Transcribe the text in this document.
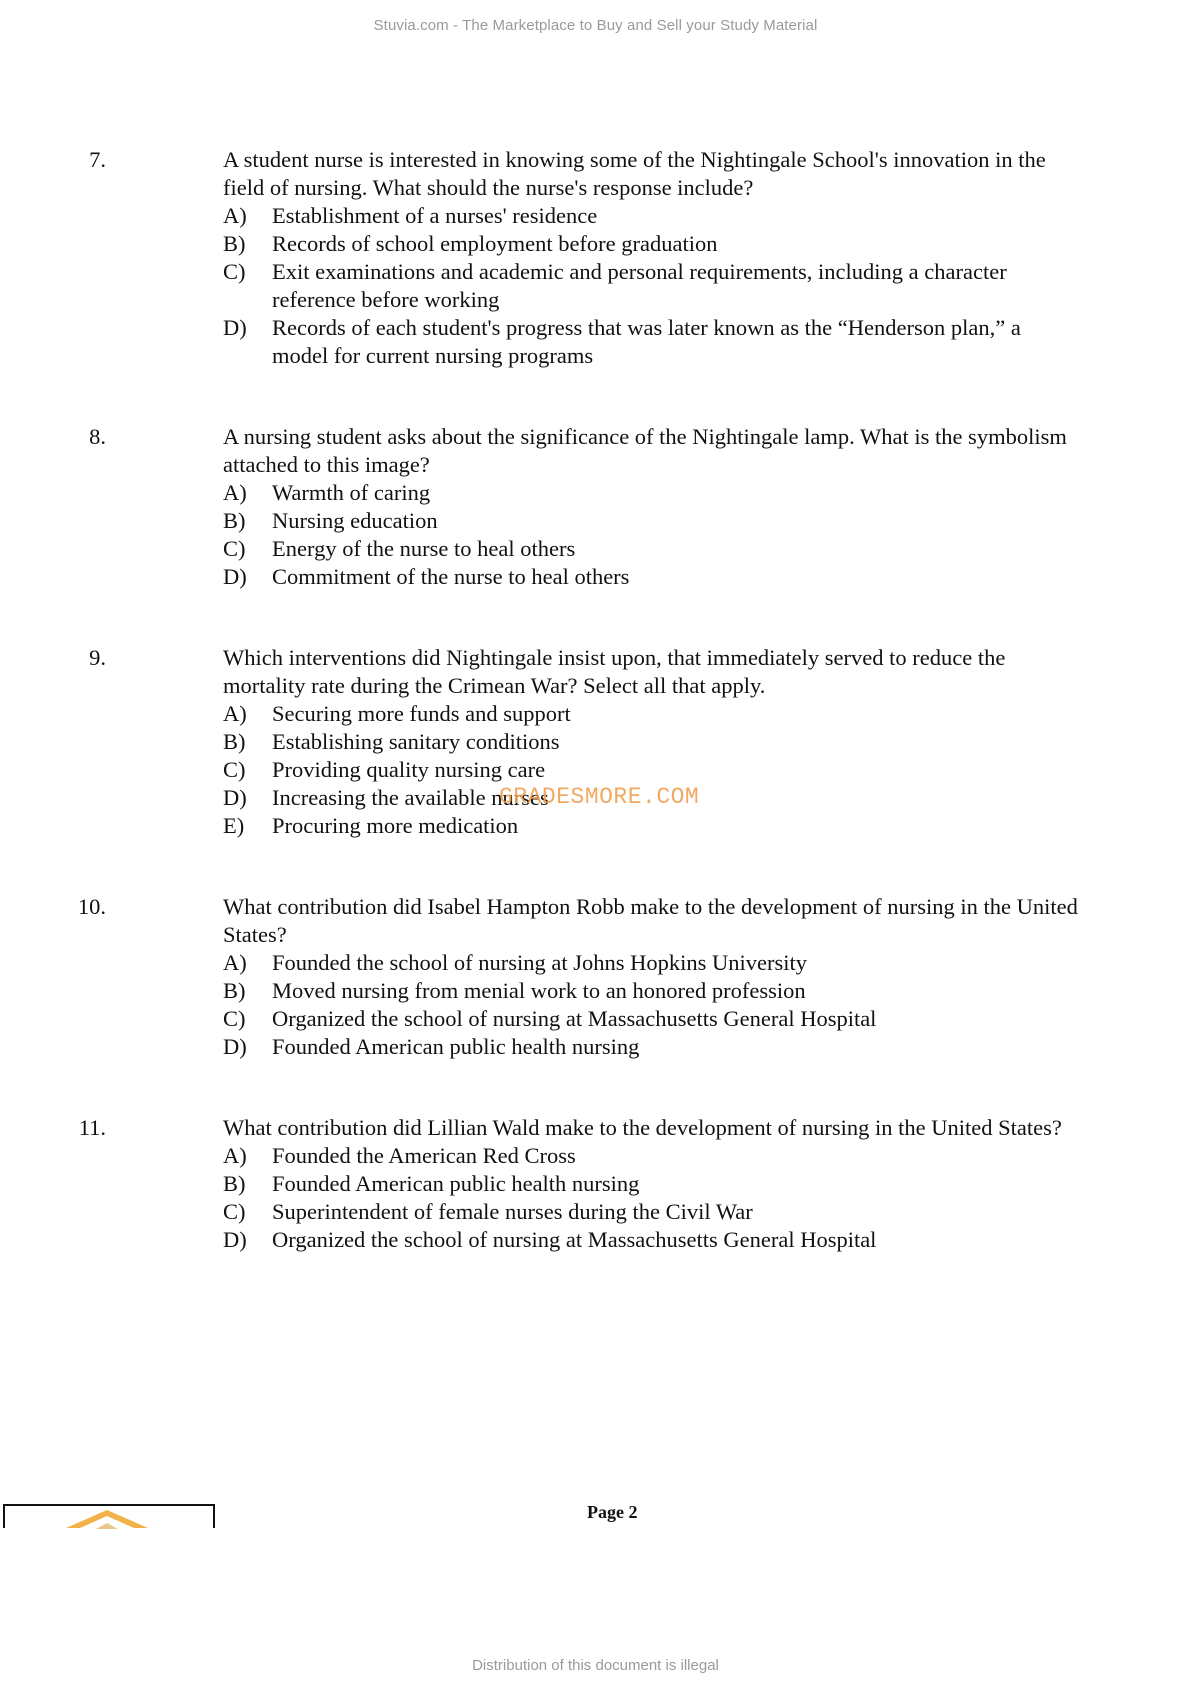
Stuvia.com - The Marketplace to Buy and Sell your Study Material
7.	A student nurse is interested in knowing some of the Nightingale School's innovation in the field of nursing. What should the nurse's response include?
A) Establishment of a nurses' residence
B) Records of school employment before graduation
C) Exit examinations and academic and personal requirements, including a character reference before working
D) Records of each student's progress that was later known as the “Henderson plan,” a model for current nursing programs
8.	A nursing student asks about the significance of the Nightingale lamp. What is the symbolism attached to this image?
A) Warmth of caring
B) Nursing education
C) Energy of the nurse to heal others
D) Commitment of the nurse to heal others
9.	Which interventions did Nightingale insist upon, that immediately served to reduce the mortality rate during the Crimean War? Select all that apply.
A) Securing more funds and support
B) Establishing sanitary conditions
C) Providing quality nursing care
D) Increasing the available nurses
E) Procuring more medication
10.	What contribution did Isabel Hampton Robb make to the development of nursing in the United States?
A) Founded the school of nursing at Johns Hopkins University
B) Moved nursing from menial work to an honored profession
C) Organized the school of nursing at Massachusetts General Hospital
D) Founded American public health nursing
11.	What contribution did Lillian Wald make to the development of nursing in the United States?
A) Founded the American Red Cross
B) Founded American public health nursing
C) Superintendent of female nurses during the Civil War
D) Organized the school of nursing at Massachusetts General Hospital
GRADESMORE.COM
Page 2
Distribution of this document is illegal
